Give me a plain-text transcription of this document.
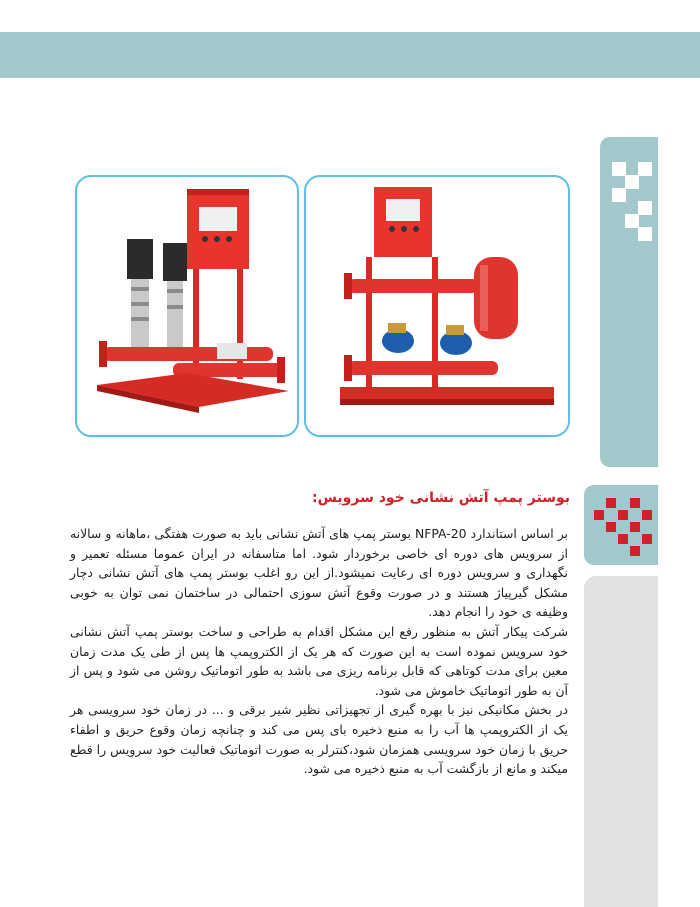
بوستر پمپ آتش نشانی خود سرویس:

بر اساس استاندارد NFPA-20 بوستر پمپ های آتش نشانی باید به صورت هفتگی ،ماهانه و سالانه از سرویس های دوره ای خاصی برخوردار شود. اما متاسفانه در ایران عموما مسئله تعمیر و نگهداری و سرویس دوره ای رعایت نمیشود.از این رو اغلب بوستر پمپ های آتش نشانی دچار مشکل گیرپیاژ هستند و در صورت وقوع آتش سوزی احتمالی در ساختمان نمی توان به خوبی وظیفه ی خود را انجام دهد.

شرکت پیکار آتش به منظور رفع این مشکل اقدام به طراحی و ساخت بوستر پمپ آتش نشانی خود سرویس نموده است به این صورت که هر یک از الکتروپمپ ها پس از طی یک مدت زمان معین برای مدت کوتاهی که قابل برنامه ریزی می باشد به طور اتوماتیک روشن می شود و پس از آن به طور اتوماتیک خاموش می شود.

در بخش مکانیکی نیز با بهره گیری از تجهیزاتی نظیر شیر برقی و ... در زمان خود سرویسی هر یک از الکتروپمپ ها آب را به منبع ذخیره بای پس می کند و چنانچه زمان وقوع حریق و اطفاء حریق با زمان خود سرویسی همزمان شود،کنترلر به صورت اتوماتیک فعالیت خود سرویس را قطع میکند و مانع از بازگشت آب به منبع ذخیره می شود.
